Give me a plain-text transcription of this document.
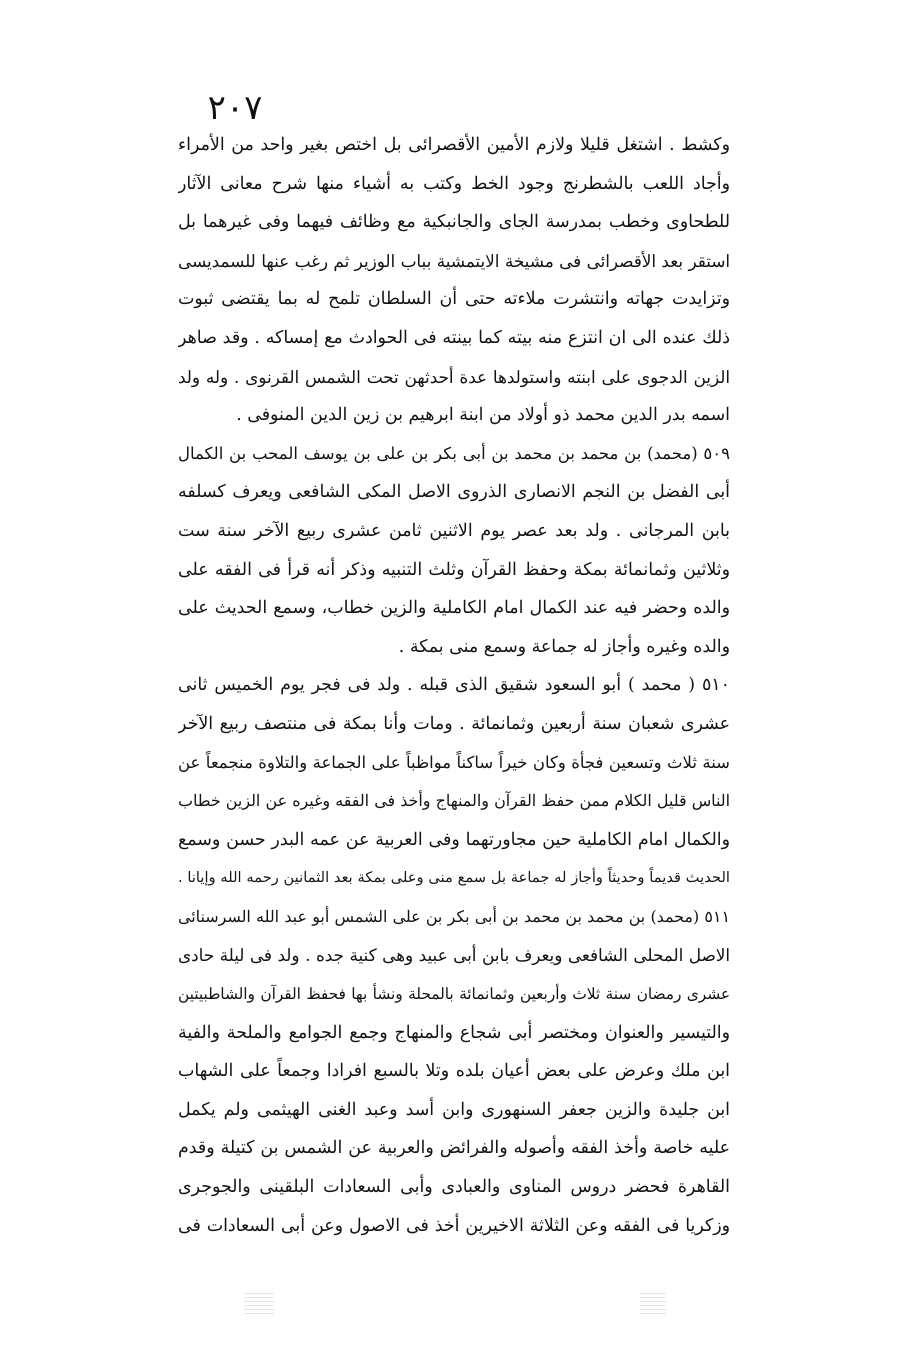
٢٠٧
وكشط . اشتغل قليلا ولازم الأمين الأقصرائى بل اختص بغير واحد من الأمراء
وأجاد اللعب بالشطرنج وجود الخط وكتب به أشياء منها شرح معانى الآثار
للطحاوى وخطب بمدرسة الجاى والجانبكية مع وظائف فيهما وفى غيرهما بل
استقر بعد الأقصرائى فى مشيخة الايتمشية بباب الوزير ثم رغب عنها للسمديسى
وتزايدت جهاته وانتشرت ملاءته حتى أن السلطان تلمح له بما يقتضى ثبوت
ذلك عنده الى ان انتزع منه بيته كما بينته فى الحوادث مع إمساكه . وقد صاهر
الزين الدجوى على ابنته واستولدها عدة أحدثهن تحت الشمس القرنوى . وله ولد
اسمه بدر الدين محمد ذو أولاد من ابنة ابرهيم بن زين الدين المنوفى .
٥٠٩ (محمد) بن محمد بن محمد بن أبى بكر بن على بن يوسف المحب بن الكمال
أبى الفضل بن النجم الانصارى الذروى الاصل المكى الشافعى ويعرف كسلفه
بابن المرجانى . ولد بعد عصر يوم الاثنين ثامن عشرى ربيع الآخر سنة ست
وثلاثين وثمانمائة بمكة وحفظ القرآن وثلث التنبيه وذكر أنه قرأ فى الفقه على
والده وحضر فيه عند الكمال امام الكاملية والزين خطاب، وسمع الحديث على
والده وغيره وأجاز له جماعة وسمع منى بمكة .
٥١٠ ( محمد ) أبو السعود شقيق الذى قبله . ولد فى فجر يوم الخميس ثانى
عشرى شعبان سنة أربعين وثمانمائة . ومات وأنا بمكة فى منتصف ربيع الآخر
سنة ثلاث وتسعين فجأة وكان خيراً ساكناً مواظباً على الجماعة والتلاوة منجمعاً عن
الناس قليل الكلام ممن حفظ القرآن والمنهاج وأخذ فى الفقه وغيره عن الزين خطاب
والكمال امام الكاملية حين مجاورتهما وفى العربية عن عمه البدر حسن وسمع
الحديث قديماً وحديثاً وأجاز له جماعة بل سمع منى وعلى بمكة بعد الثمانين رحمه الله وإيانا .
٥١١ (محمد) بن محمد بن محمد بن أبى بكر بن على الشمس أبو عبد الله السرسنائى
الاصل المحلى الشافعى ويعرف بابن أبى عبيد وهى كنية جده . ولد فى ليلة حادى
عشرى رمضان سنة ثلاث وأربعين وثمانمائة بالمحلة ونشأ بها فحفظ القرآن والشاطبيتين
والتيسير والعنوان ومختصر أبى شجاع والمنهاج وجمع الجوامع والملحة والفية
ابن ملك وعرض على بعض أعيان بلده وتلا بالسبع افرادا وجمعاً على الشهاب
ابن جليدة والزين جعفر السنهورى وابن أسد وعبد الغنى الهيثمى ولم يكمل
عليه خاصة وأخذ الفقه وأصوله والفرائض والعربية عن الشمس بن كتيلة وقدم
القاهرة فحضر دروس المناوى والعبادى وأبى السعادات البلقينى والجوجرى
وزكريا فى الفقه وعن الثلاثة الاخيرين أخذ فى الاصول وعن أبى السعادات فى
